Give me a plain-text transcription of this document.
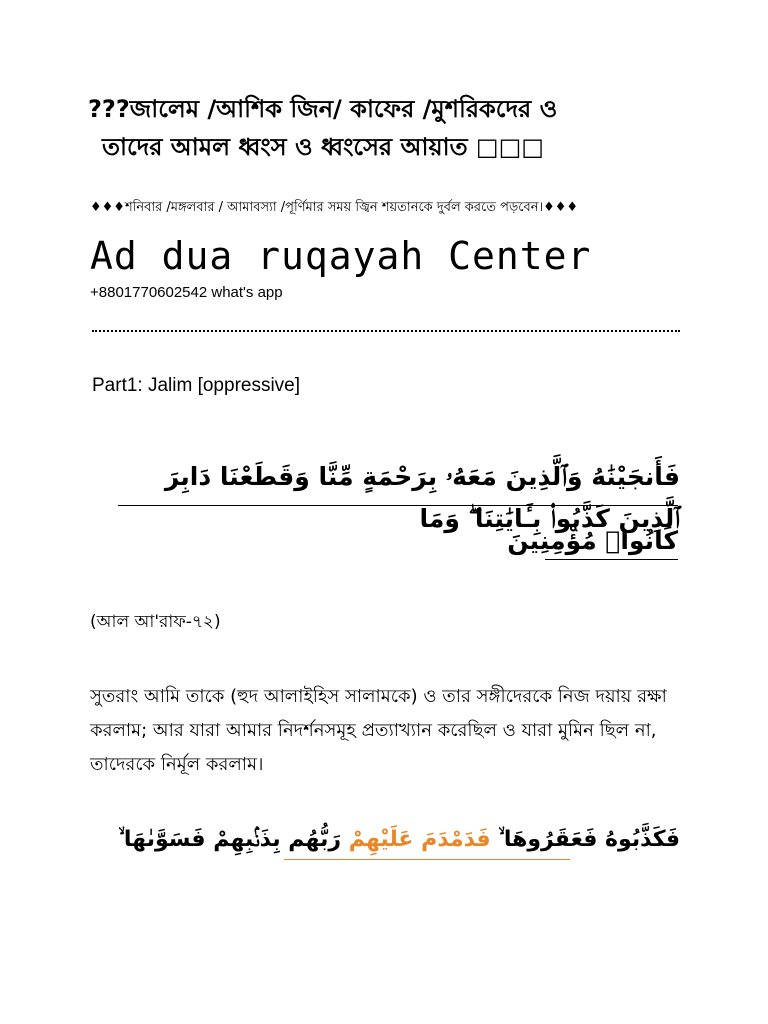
???জালেম /আশিক জিন/ কাফের /মুশরিকদের ও
তাদের আমল ধ্বংস ও ধ্বংসের আয়াত □□□
♦♦♦শনিবার /মঙ্গলবার / আমাবস্যা /পূর্ণিমার সময় জ্বিন শয়তানকে দুর্বল করতে পড়বেন।♦♦♦
Ad dua ruqayah Center
+8801770602542 what's app
Part1: Jalim [oppressive]
فَأَنجَيْنَٰهُ وَٱلَّذِينَ مَعَهُۥ بِرَحْمَةٍ مِّنَّا وَقَطَعْنَا دَابِرَ ٱلَّذِينَ كَذَّبُوا۟ بِـَٔايَٰتِنَا ۖ وَمَا
كَانُوا۟ مُؤْمِنِينَ
(আল আ'রাফ-৭২)
সুতরাং আমি তাকে (হুদ আলাইহিস সালামকে) ও তার সঙ্গীদেরকে নিজ দয়ায় রক্ষা করলাম; আর যারা আমার নিদর্শনসমূহ প্রত্যাখ্যান করেছিল ও যারা মুমিন ছিল না, তাদেরকে নির্মূল করলাম।
فَكَذَّبُوهُ فَعَقَرُوهَا ۙ فَدَمْدَمَ عَلَيْهِمْ رَبُّهُم بِذَنۢبِهِمْ فَسَوَّىٰهَا ۙ
